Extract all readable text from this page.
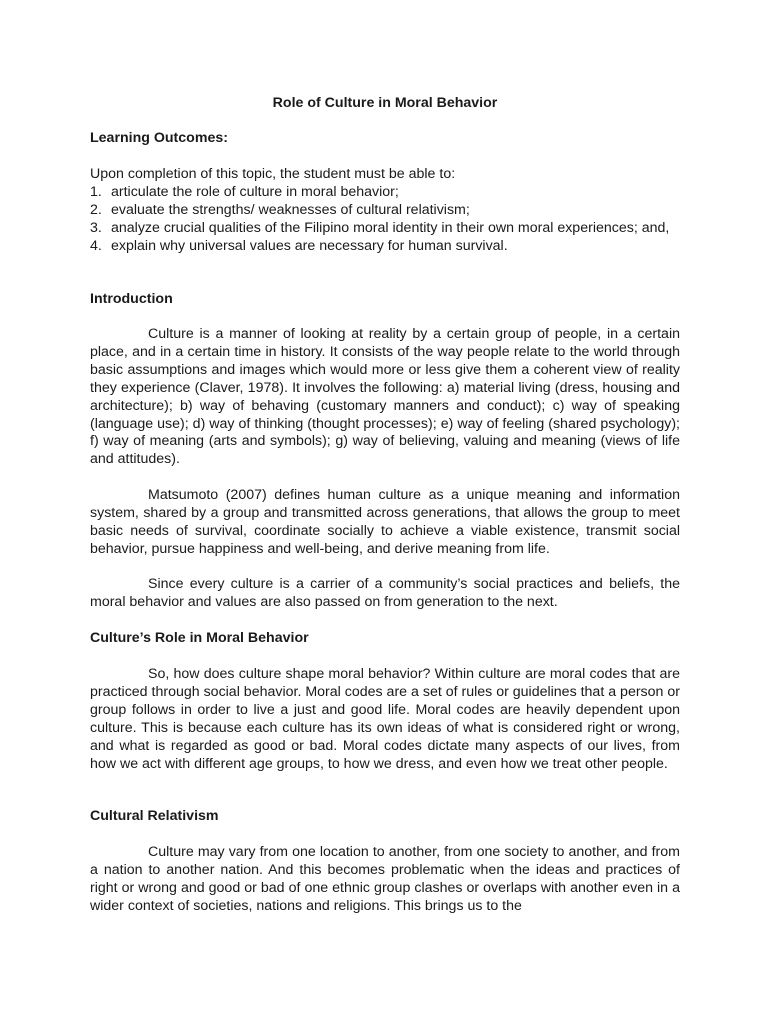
Role of Culture in Moral Behavior
Learning Outcomes:

Upon completion of this topic, the student must be able to:

1. articulate the role of culture in moral behavior;
2. evaluate the strengths/ weaknesses of cultural relativism;
3. analyze crucial qualities of the Filipino moral identity in their own moral experiences; and,
4. explain why universal values are necessary for human survival.
Introduction

Culture is a manner of looking at reality by a certain group of people, in a certain place, and in a certain time in history. It consists of the way people relate to the world through basic assumptions and images which would more or less give them a coherent view of reality they experience (Claver, 1978). It involves the following: a) material living (dress, housing and architecture); b) way of behaving (customary manners and conduct); c) way of speaking (language use); d) way of thinking (thought processes); e) way of feeling (shared psychology); f) way of meaning (arts and symbols); g) way of believing, valuing and meaning (views of life and attitudes).

Matsumoto (2007) defines human culture as a unique meaning and information system, shared by a group and transmitted across generations, that allows the group to meet basic needs of survival, coordinate socially to achieve a viable existence, transmit social behavior, pursue happiness and well-being, and derive meaning from life.

Since every culture is a carrier of a community’s social practices and beliefs, the moral behavior and values are also passed on from generation to the next.

Culture’s Role in Moral Behavior

So, how does culture shape moral behavior? Within culture are moral codes that are practiced through social behavior. Moral codes are a set of rules or guidelines that a person or group follows in order to live a just and good life. Moral codes are heavily dependent upon culture. This is because each culture has its own ideas of what is considered right or wrong, and what is regarded as good or bad. Moral codes dictate many aspects of our lives, from how we act with different age groups, to how we dress, and even how we treat other people.

Cultural Relativism

Culture may vary from one location to another, from one society to another, and from a nation to another nation. And this becomes problematic when the ideas and practices of right or wrong and good or bad of one ethnic group clashes or overlaps with another even in a wider context of societies, nations and religions. This brings us to the
